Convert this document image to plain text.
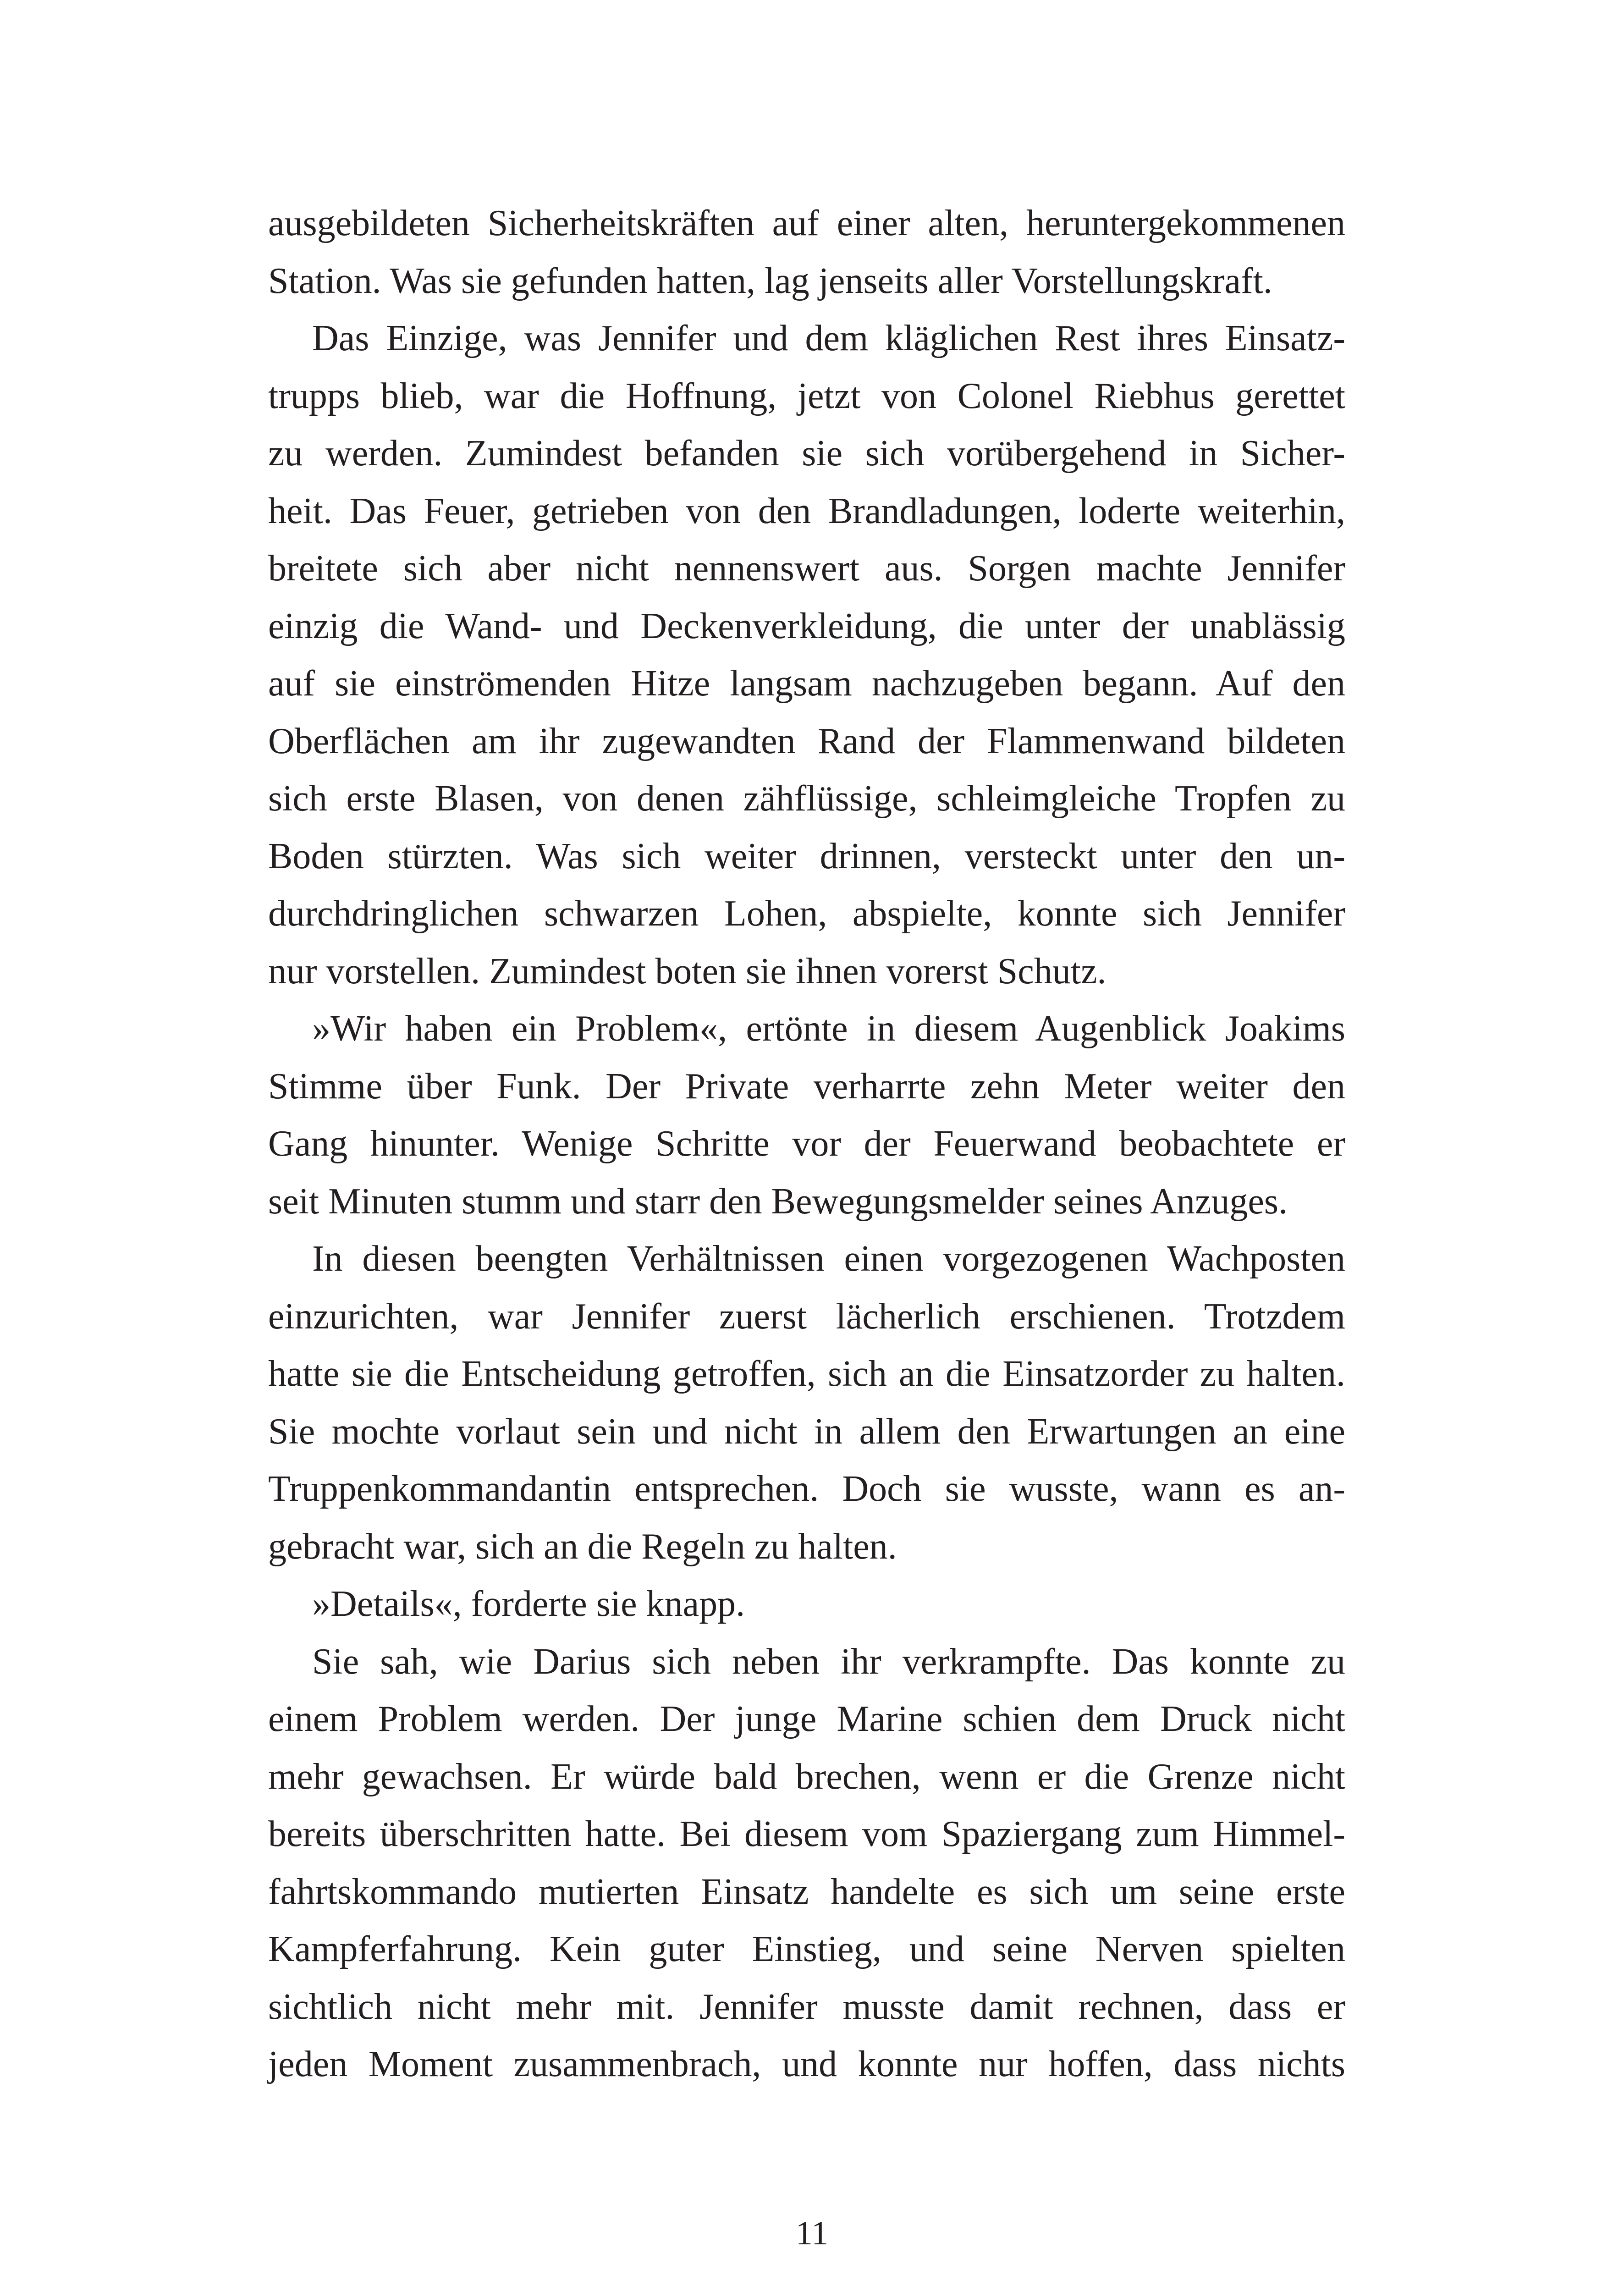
ausgebildeten Sicherheitskräften auf einer alten, heruntergekommenen
Station. Was sie gefunden hatten, lag jenseits aller Vorstellungskraft.
Das Einzige, was Jennifer und dem kläglichen Rest ihres Einsatz-
trupps blieb, war die Hoffnung, jetzt von Colonel Riebhus gerettet
zu werden. Zumindest befanden sie sich vorübergehend in Sicher-
heit. Das Feuer, getrieben von den Brandladungen, loderte weiterhin,
breitete sich aber nicht nennenswert aus. Sorgen machte Jennifer
einzig die Wand- und Deckenverkleidung, die unter der unablässig
auf sie einströmenden Hitze langsam nachzugeben begann. Auf den
Oberflächen am ihr zugewandten Rand der Flammenwand bildeten
sich erste Blasen, von denen zähflüssige, schleimgleiche Tropfen zu
Boden stürzten. Was sich weiter drinnen, versteckt unter den un-
durchdringlichen schwarzen Lohen, abspielte, konnte sich Jennifer
nur vorstellen. Zumindest boten sie ihnen vorerst Schutz.
»Wir haben ein Problem«, ertönte in diesem Augenblick Joakims
Stimme über Funk. Der Private verharrte zehn Meter weiter den
Gang hinunter. Wenige Schritte vor der Feuerwand beobachtete er
seit Minuten stumm und starr den Bewegungsmelder seines Anzuges.
In diesen beengten Verhältnissen einen vorgezogenen Wachposten
einzurichten, war Jennifer zuerst lächerlich erschienen. Trotzdem
hatte sie die Entscheidung getroffen, sich an die Einsatzorder zu halten.
Sie mochte vorlaut sein und nicht in allem den Erwartungen an eine
Truppenkommandantin entsprechen. Doch sie wusste, wann es an-
gebracht war, sich an die Regeln zu halten.
»Details«, forderte sie knapp.
Sie sah, wie Darius sich neben ihr verkrampfte. Das konnte zu
einem Problem werden. Der junge Marine schien dem Druck nicht
mehr gewachsen. Er würde bald brechen, wenn er die Grenze nicht
bereits überschritten hatte. Bei diesem vom Spaziergang zum Himmel-
fahrtskommando mutierten Einsatz handelte es sich um seine erste
Kampferfahrung. Kein guter Einstieg, und seine Nerven spielten
sichtlich nicht mehr mit. Jennifer musste damit rechnen, dass er
jeden Moment zusammenbrach, und konnte nur hoffen, dass nichts
11
